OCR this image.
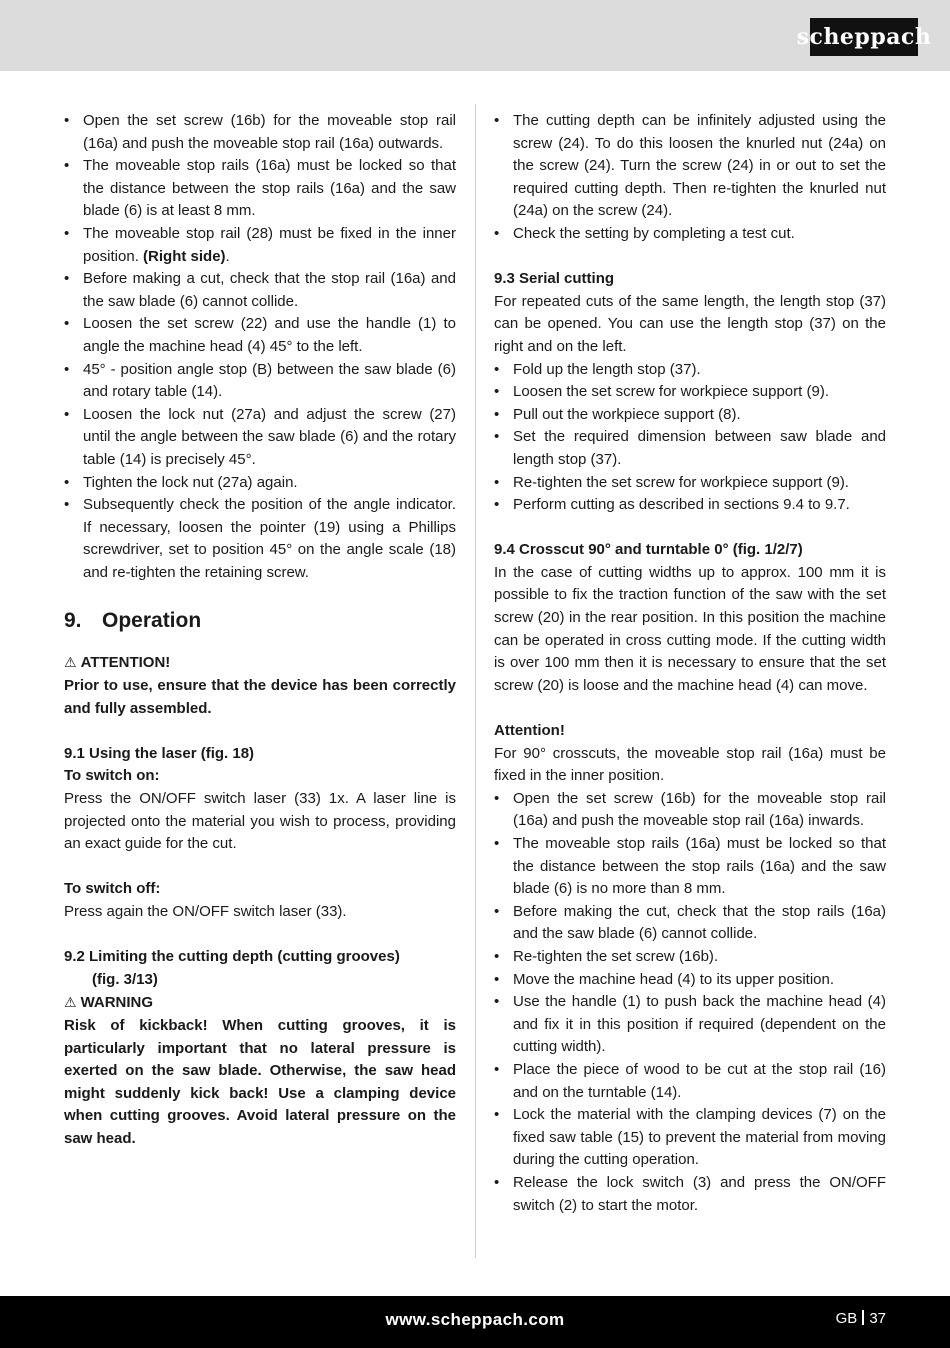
scheppach
• Open the set screw (16b) for the moveable stop rail (16a) and push the moveable stop rail (16a) outwards.
• The moveable stop rails (16a) must be locked so that the distance between the stop rails (16a) and the saw blade (6) is at least 8 mm.
• The moveable stop rail (28) must be fixed in the inner position. (Right side).
• Before making a cut, check that the stop rail (16a) and the saw blade (6) cannot collide.
• Loosen the set screw (22) and use the handle (1) to angle the machine head (4) 45° to the left.
• 45° - position angle stop (B) between the saw blade (6) and rotary table (14).
• Loosen the lock nut (27a) and adjust the screw (27) until the angle between the saw blade (6) and the rotary table (14) is precisely 45°.
• Tighten the lock nut (27a) again.
• Subsequently check the position of the angle indicator. If necessary, loosen the pointer (19) using a Phillips screwdriver, set to position 45° on the angle scale (18) and re-tighten the retaining screw.
9. Operation

⚠ ATTENTION!

Prior to use, ensure that the device has been correctly and fully assembled.

9.1 Using the laser (fig. 18)

To switch on:

Press the ON/OFF switch laser (33) 1x. A laser line is projected onto the material you wish to process, providing an exact guide for the cut.

To switch off:

Press again the ON/OFF switch laser (33).

9.2 Limiting the cutting depth (cutting grooves)

(fig. 3/13)

⚠ WARNING

Risk of kickback! When cutting grooves, it is particularly important that no lateral pressure is exerted on the saw blade. Otherwise, the saw head might suddenly kick back! Use a clamping device when cutting grooves. Avoid lateral pressure on the saw head.

• The cutting depth can be infinitely adjusted using the screw (24). To do this loosen the knurled nut (24a) on the screw (24). Turn the screw (24) in or out to set the required cutting depth. Then re-tighten the knurled nut (24a) on the screw (24).
• Check the setting by completing a test cut.

9.3 Serial cutting

For repeated cuts of the same length, the length stop (37) can be opened. You can use the length stop (37) on the right and on the left.

• Fold up the length stop (37).
• Loosen the set screw for workpiece support (9).
• Pull out the workpiece support (8).
• Set the required dimension between saw blade and length stop (37).
• Re-tighten the set screw for workpiece support (9).
• Perform cutting as described in sections 9.4 to 9.7.

9.4 Crosscut 90° and turntable 0° (fig. 1/2/7)

In the case of cutting widths up to approx. 100 mm it is possible to fix the traction function of the saw with the set screw (20) in the rear position. In this position the machine can be operated in cross cutting mode. If the cutting width is over 100 mm then it is necessary to ensure that the set screw (20) is loose and the machine head (4) can move.

Attention!

For 90° crosscuts, the moveable stop rail (16a) must be fixed in the inner position.

• Open the set screw (16b) for the moveable stop rail (16a) and push the moveable stop rail (16a) inwards.
• The moveable stop rails (16a) must be locked so that the distance between the stop rails (16a) and the saw blade (6) is no more than 8 mm.
• Before making the cut, check that the stop rails (16a) and the saw blade (6) cannot collide.
• Re-tighten the set screw (16b).
• Move the machine head (4) to its upper position.
• Use the handle (1) to push back the machine head (4) and fix it in this position if required (dependent on the cutting width).
• Place the piece of wood to be cut at the stop rail (16) and on the turntable (14).
• Lock the material with the clamping devices (7) on the fixed saw table (15) to prevent the material from moving during the cutting operation.
• Release the lock switch (3) and press the ON/OFF switch (2) to start the motor.
www.scheppach.com	GB 37
